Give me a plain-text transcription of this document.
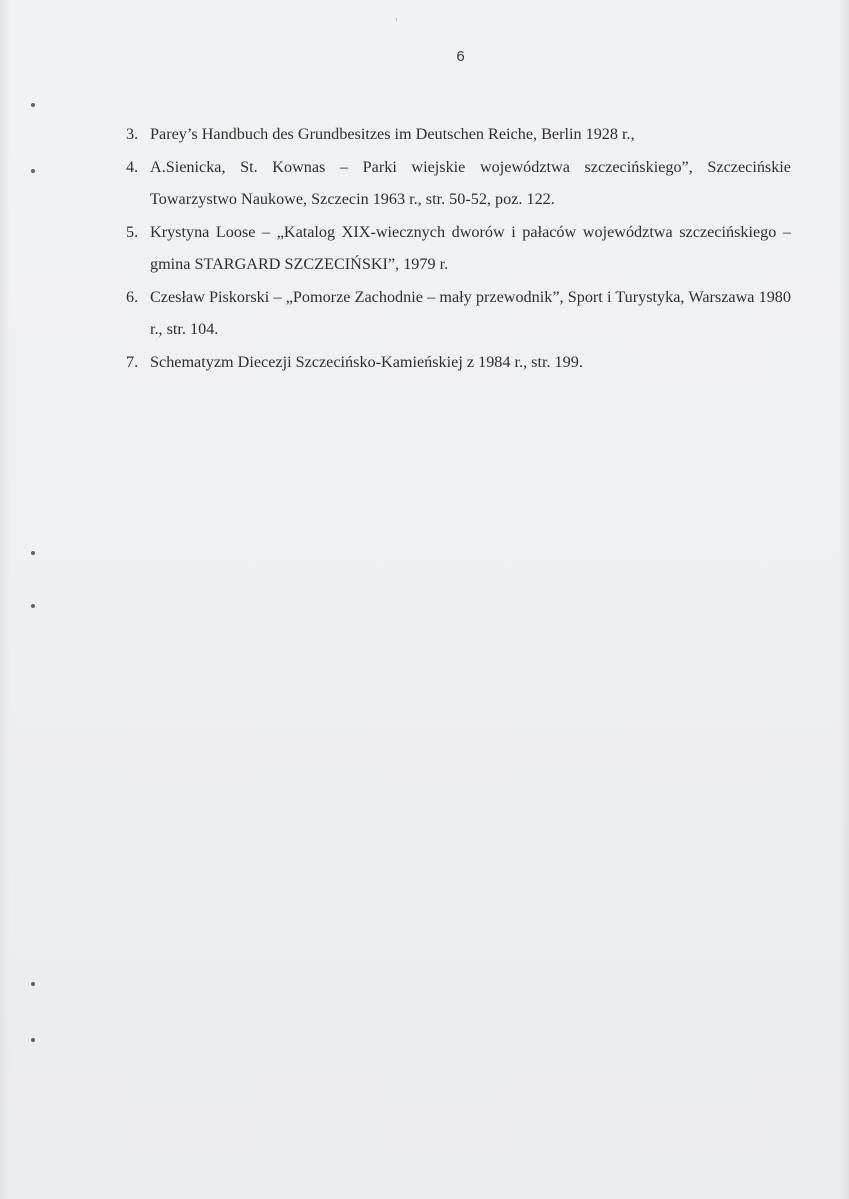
6
3. Parey’s Handbuch des Grundbesitzes im Deutschen Reiche, Berlin 1928 r.,
4. A.Sienicka, St. Kownas – Parki wiejskie województwa szczecińskiego”, Szczecińskie Towarzystwo Naukowe, Szczecin 1963 r., str. 50-52, poz. 122.
5. Krystyna Loose – „Katalog XIX-wiecznych dworów i pałaców województwa szczecińskiego – gmina STARGARD SZCZECIŃSKI”, 1979 r.
6. Czesław Piskorski – „Pomorze Zachodnie – mały przewodnik”, Sport i Turystyka, Warszawa 1980 r., str. 104.
7. Schematyzm Diecezji Szczecińsko-Kamieńskiej z 1984 r., str. 199.
